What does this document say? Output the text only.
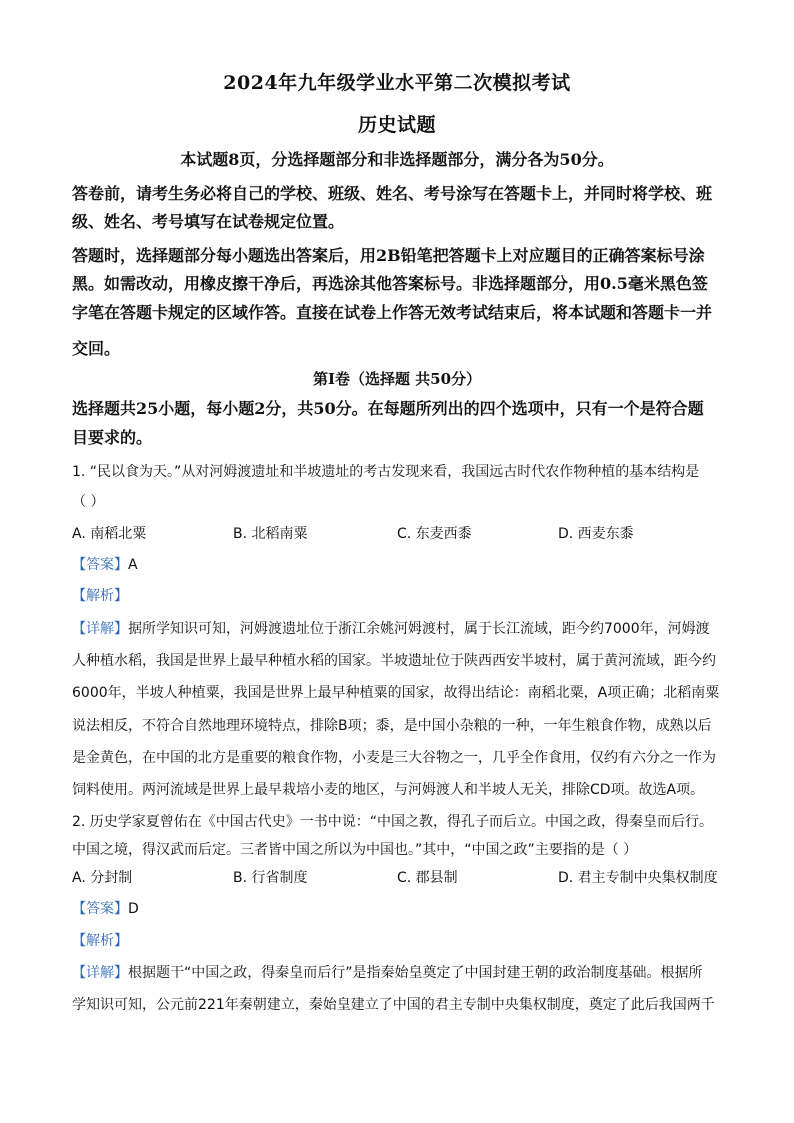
2024年九年级学业水平第二次模拟考试
历史试题
本试题8页，分选择题部分和非选择题部分，满分各为50分。
答卷前，请考生务必将自己的学校、班级、姓名、考号涂写在答题卡上，并同时将学校、班
级、姓名、考号填写在试卷规定位置。
答题时，选择题部分每小题选出答案后，用2B铅笔把答题卡上对应题目的正确答案标号涂
黑。如需改动，用橡皮擦干净后，再选涂其他答案标号。非选择题部分，用0.5毫米黑色签
字笔在答题卡规定的区域作答。直接在试卷上作答无效考试结束后，将本试题和答题卡一并
交回。
第I卷（选择题 共50分）
选择题共25小题，每小题2分，共50分。在每题所列出的四个选项中，只有一个是符合题
目要求的。
1. “民以食为天。”从对河姆渡遗址和半坡遗址的考古发现来看，我国远古时代农作物种植的基本结构是
（ ）
A. 南稻北粟	B. 北稻南粟	C. 东麦西黍	D. 西麦东黍
【答案】A
【解析】
【详解】据所学知识可知，河姆渡遗址位于浙江余姚河姆渡村，属于长江流域，距今约7000年，河姆渡
人种植水稻，我国是世界上最早种植水稻的国家。半坡遗址位于陕西西安半坡村，属于黄河流域，距今约
6000年，半坡人种植粟，我国是世界上最早种植粟的国家，故得出结论：南稻北粟，A项正确；北稻南粟
说法相反，不符合自然地理环境特点，排除B项；黍，是中国小杂粮的一种，一年生粮食作物，成熟以后
是金黄色，在中国的北方是重要的粮食作物，小麦是三大谷物之一，几乎全作食用，仅约有六分之一作为
饲料使用。两河流域是世界上最早栽培小麦的地区，与河姆渡人和半坡人无关，排除CD项。故选A项。
2. 历史学家夏曾佑在《中国古代史》一书中说：“中国之教，得孔子而后立。中国之政，得秦皇而后行。
中国之境，得汉武而后定。三者皆中国之所以为中国也。”其中，“中国之政”主要指的是（ ）
A. 分封制	B. 行省制度	C. 郡县制	D. 君主专制中央集权制度
【答案】D
【解析】
【详解】根据题干“中国之政，得秦皇而后行”是指秦始皇奠定了中国封建王朝的政治制度基础。根据所
学知识可知，公元前221年秦朝建立，秦始皇建立了中国的君主专制中央集权制度，奠定了此后我国两千
